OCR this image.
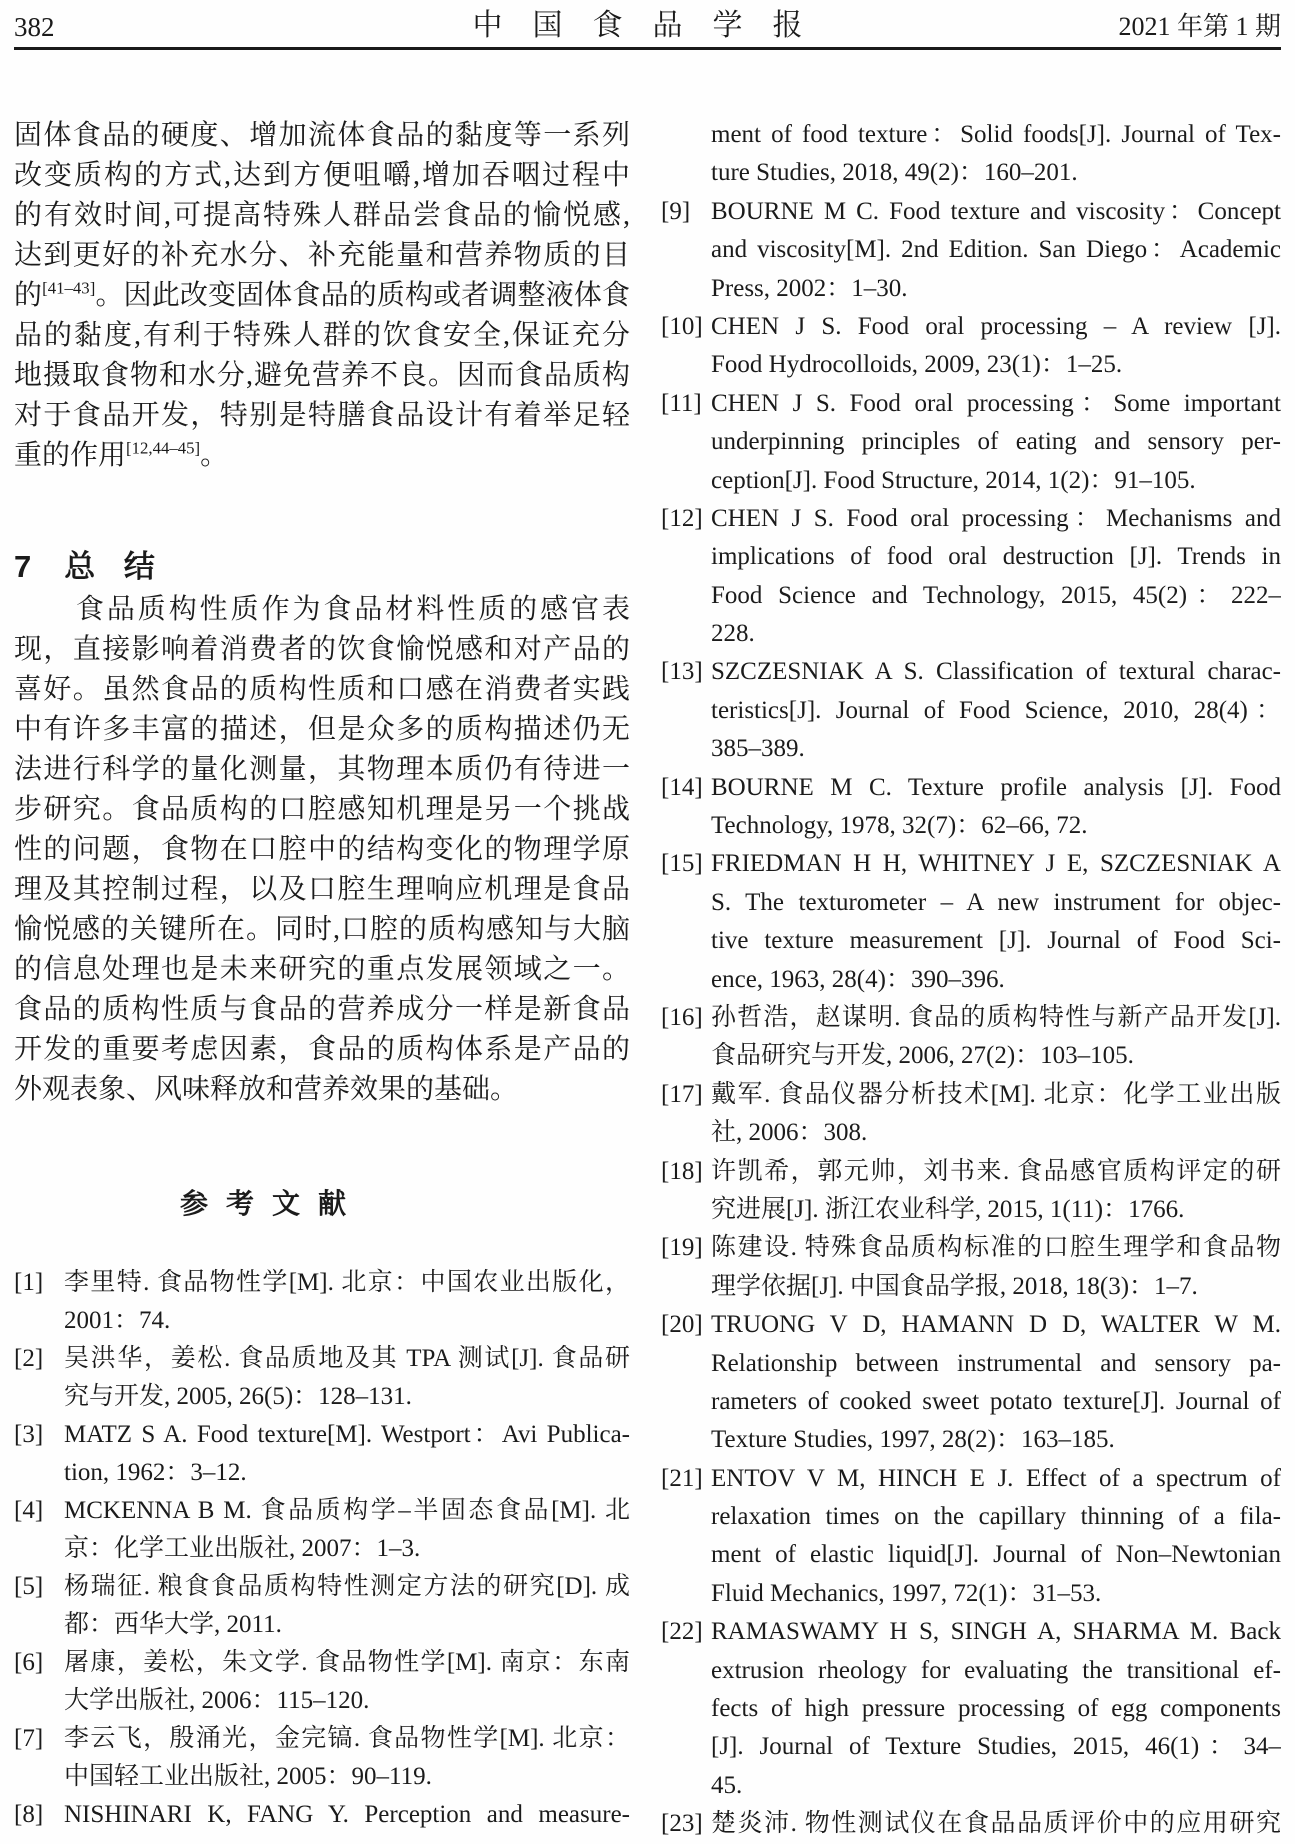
382	中国食品学报	2021 年第 1 期
固体食品的硬度、增加流体食品的黏度等一系列
改变质构的方式,达到方便咀嚼,增加吞咽过程中
的有效时间,可提高特殊人群品尝食品的愉悦感,
达到更好的补充水分、补充能量和营养物质的目
的[41–43]。因此改变固体食品的质构或者调整液体食
品的黏度,有利于特殊人群的饮食安全,保证充分
地摄取食物和水分,避免营养不良。因而食品质构
对于食品开发，特别是特膳食品设计有着举足轻
重的作用[12,44–45]。
7 总 结
　　食品质构性质作为食品材料性质的感官表
现，直接影响着消费者的饮食愉悦感和对产品的
喜好。虽然食品的质构性质和口感在消费者实践
中有许多丰富的描述，但是众多的质构描述仍无
法进行科学的量化测量，其物理本质仍有待进一
步研究。食品质构的口腔感知机理是另一个挑战
性的问题，食物在口腔中的结构变化的物理学原
理及其控制过程，以及口腔生理响应机理是食品
愉悦感的关键所在。同时,口腔的质构感知与大脑
的信息处理也是未来研究的重点发展领域之一。
食品的质构性质与食品的营养成分一样是新食品
开发的重要考虑因素，食品的质构体系是产品的
外观表象、风味释放和营养效果的基础。
参考文献
[1] 李里特. 食品物性学[M]. 北京：中国农业出版化，
2001：74.
[2] 吴洪华，姜松. 食品质地及其 TPA 测试[J]. 食品研
究与开发, 2005, 26(5)：128–131.
[3] MATZ S A. Food texture[M]. Westport：Avi Publica-
tion, 1962：3–12.
[4] MCKENNA B M. 食品质构学–半固态食品[M]. 北
京：化学工业出版社, 2007：1–3.
[5] 杨瑞征. 粮食食品质构特性测定方法的研究[D]. 成
都：西华大学, 2011.
[6] 屠康，姜松，朱文学. 食品物性学[M]. 南京：东南
大学出版社, 2006：115–120.
[7] 李云飞，殷涌光，金完镐. 食品物性学[M]. 北京：
中国轻工业出版社, 2005：90–119.
[8] NISHINARI K, FANG Y. Perception and measure-
ment of food texture：Solid foods[J]. Journal of Tex-
ture Studies, 2018, 49(2)：160–201.
[9] BOURNE M C. Food texture and viscosity：Concept
and viscosity[M]. 2nd Edition. San Diego：Academic
Press, 2002：1–30.
[10] CHEN J S. Food oral processing – A review [J].
Food Hydrocolloids, 2009, 23(1)：1–25.
[11] CHEN J S. Food oral processing：Some important
underpinning principles of eating and sensory per-
ception[J]. Food Structure, 2014, 1(2)：91–105.
[12] CHEN J S. Food oral processing：Mechanisms and
implications of food oral destruction [J]. Trends in
Food Science and Technology, 2015, 45(2)：222–
228.
[13] SZCZESNIAK A S. Classification of textural charac-
teristics[J]. Journal of Food Science, 2010, 28(4)：
385–389.
[14] BOURNE M C. Texture profile analysis [J]. Food
Technology, 1978, 32(7)：62–66, 72.
[15] FRIEDMAN H H, WHITNEY J E, SZCZESNIAK A
S. The texturometer – A new instrument for objec-
tive texture measurement [J]. Journal of Food Sci-
ence, 1963, 28(4)：390–396.
[16] 孙哲浩，赵谋明. 食品的质构特性与新产品开发[J].
食品研究与开发, 2006, 27(2)：103–105.
[17] 戴军. 食品仪器分析技术[M]. 北京：化学工业出版
社, 2006：308.
[18] 许凯希，郭元帅，刘书来. 食品感官质构评定的研
究进展[J]. 浙江农业科学, 2015, 1(11)：1766.
[19] 陈建设. 特殊食品质构标准的口腔生理学和食品物
理学依据[J]. 中国食品学报, 2018, 18(3)：1–7.
[20] TRUONG V D, HAMANN D D, WALTER W M.
Relationship between instrumental and sensory pa-
rameters of cooked sweet potato texture[J]. Journal of
Texture Studies, 1997, 28(2)：163–185.
[21] ENTOV V M, HINCH E J. Effect of a spectrum of
relaxation times on the capillary thinning of a fila-
ment of elastic liquid[J]. Journal of Non–Newtonian
Fluid Mechanics, 1997, 72(1)：31–53.
[22] RAMASWAMY H S, SINGH A, SHARMA M. Back
extrusion rheology for evaluating the transitional ef-
fects of high pressure processing of egg components
[J]. Journal of Texture Studies, 2015, 46(1)：34–
45.
[23] 楚炎沛. 物性测试仪在食品品质评价中的应用研究
